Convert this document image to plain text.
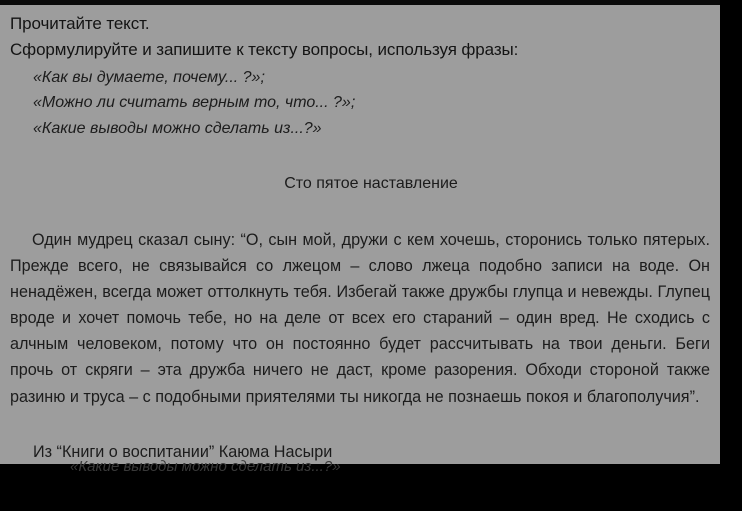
Прочитайте текст.
Сформулируйте и запишите к тексту вопросы, используя фразы:
«Как вы думаете, почему... ?»;
«Можно ли считать верным то, что... ?»;
«Какие выводы можно сделать из...?»
Сто пятое наставление

Один мудрец сказал сыну: “О, сын мой, дружи с кем хочешь, сторонись только пятерых. Прежде всего, не связывайся со лжецом – слово лжеца подобно записи на воде. Он ненадёжен, всегда может оттолкнуть тебя. Избегай также дружбы глупца и невежды. Глупец вроде и хочет помочь тебе, но на деле от всех его стараний – один вред. Не сходись с алчным человеком, потому что он постоянно будет рассчитывать на твои деньги. Беги прочь от скряги – эта дружба ничего не даст, кроме разорения. Обходи стороной также разиню и труса – с подобными приятелями ты никогда не познаешь покоя и благополучия”.

Из “Книги о воспитании” Каюма Насыри
«Какие выводы можно сделать из...?»
